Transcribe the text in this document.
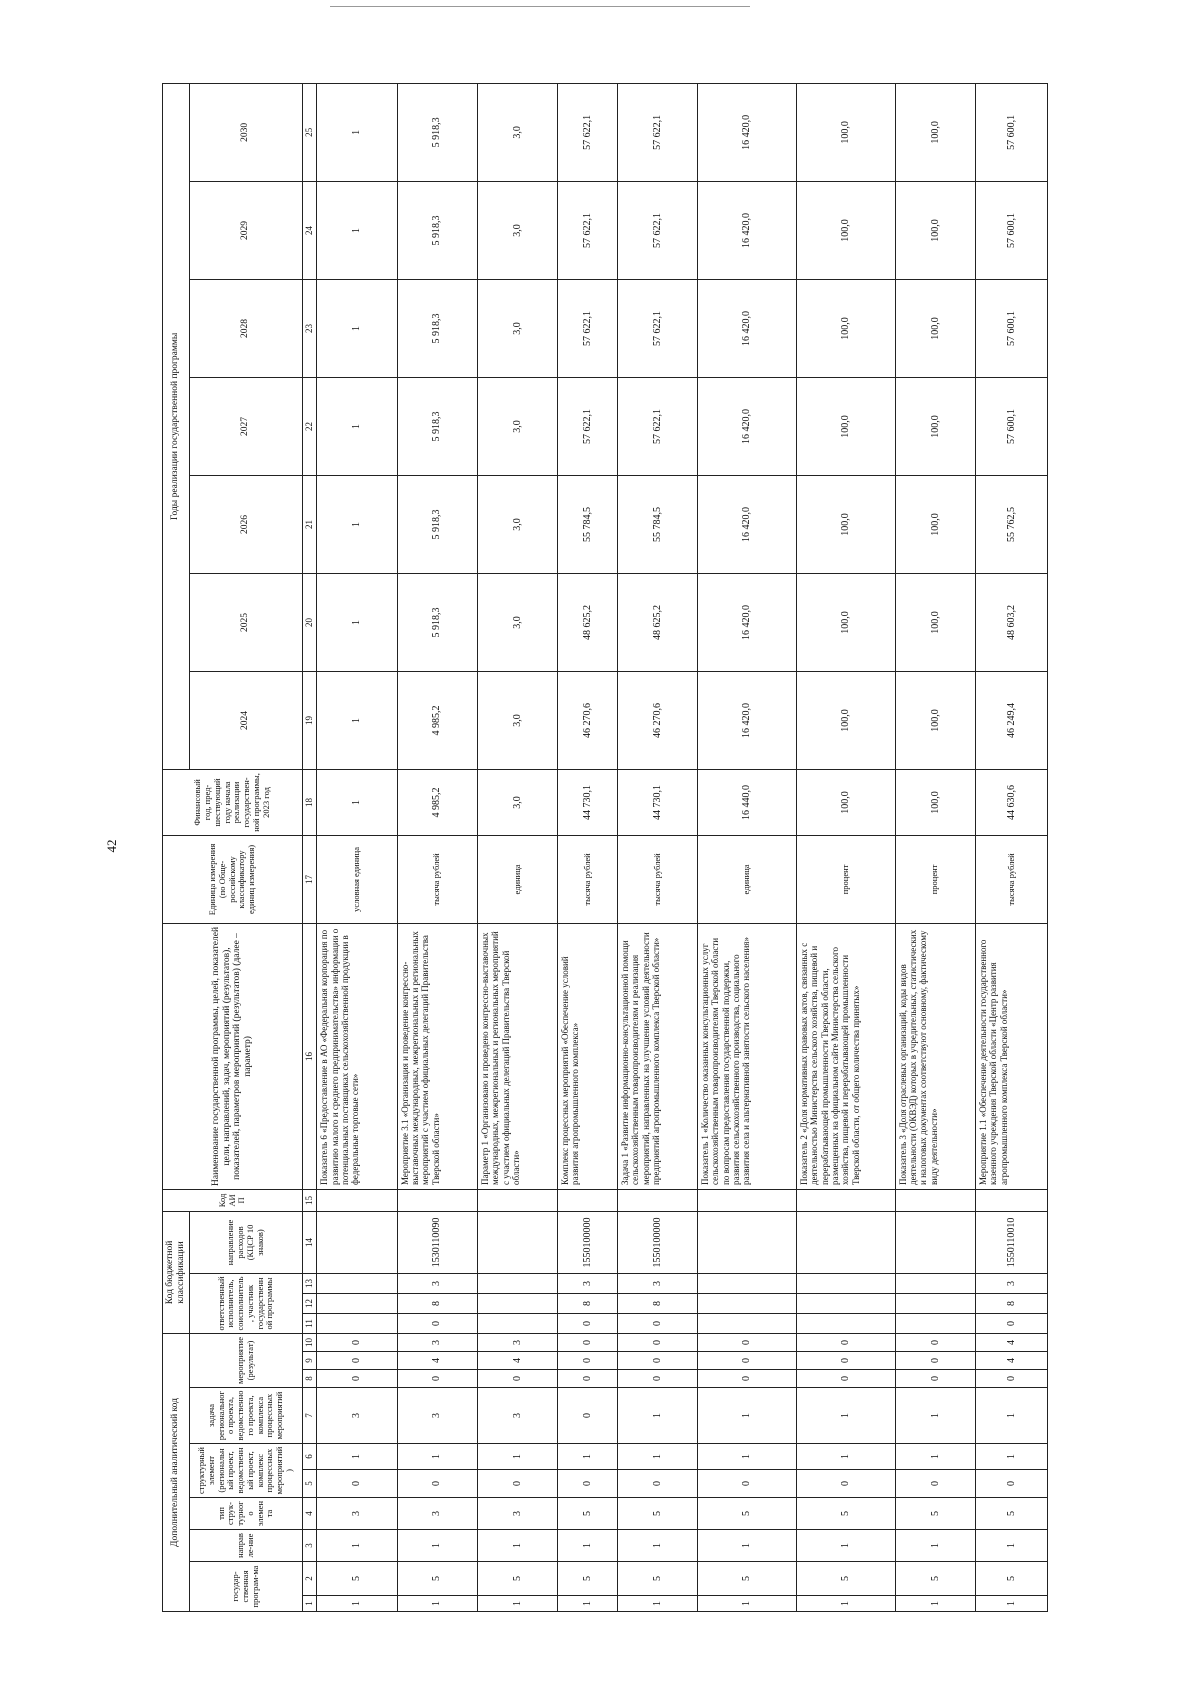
42
Дополнительный аналитический код										Код бюджетной классификации				Код АИП	Наименование государственной программы, целей, показателей цели, направлений, задач, мероприятий (результатов), показателей, параметров мероприятий (результатов) (далее – параметр)	Единица измерения (по Обще-российскому классификатору единиц измерения)	Финансовый год, пред-шествующий году начала реализации государствен-ной программы, 2023 год	Годы реализации государственной программы						
государ-ственная програм-ма		направле-ние	тип струк-турного элемента	структурный элемент (региональный проект, ведомственный проект, комплекс процессных мероприятий)		задача регионального проекта, ведомственного проекта, комплекса процессных мероприятий	мероприятие (результат)			ответственный исполнитель, соисполнитель, участник государственной программы			направление расходов (КЦСР 10 знаков)					2024	2025	2026	2027	2028	2029	2030
1	2	3	4	5	6	7	8	9	10	11	12	13	14	15	16	17	18	19	20	21	22	23	24	25
1	5	1	3	0	1	3	0	0	0						Показатель 6 «Предоставление в АО «Федеральная корпорация по развитию малого и среднего предпринимательства» информации о потенциальных поставщиках сельскохозяйственной продукции в федеральные торговые сети»	условная единица	1	1	1	1	1	1	1	1
1	5	1	3	0	1	3	0	4	3	0	8	3	1530110090		Мероприятие 3.1 «Организация и проведение конгрессно-выставочных международных, межрегиональных и региональных мероприятий с участием официальных делегаций Правительства Тверской области»	тысяча рублей	4 985,2	4 985,2	5 918,3	5 918,3	5 918,3	5 918,3	5 918,3	5 918,3
1	5	1	3	0	1	3	0	4	3						Параметр 1 «Организовано и проведено конгрессно-выставочных международных, межрегиональных и региональных мероприятий с участием официальных делегаций Правительства Тверской области»	единица	3,0	3,0	3,0	3,0	3,0	3,0	3,0	3,0
1	5	1	5	0	1	0	0	0	0	0	8	3	1550100000		Комплекс процессных мероприятий «Обеспечение условий развития агропромышленного комплекса»	тысяча рублей	44 730,1	46 270,6	48 625,2	55 784,5	57 622,1	57 622,1	57 622,1	57 622,1
1	5	1	5	0	1	1	0	0	0	0	8	3	1550100000		Задача 1 «Развитие информационно-консультационной помощи сельскохозяйственным товаропроизводителям и реализация мероприятий, направленных на улучшение условий деятельности предприятий агропромышленного комплекса Тверской области»	тысяча рублей	44 730,1	46 270,6	48 625,2	55 784,5	57 622,1	57 622,1	57 622,1	57 622,1
1	5	1	5	0	1	1	0	0	0						Показатель 1 «Количество оказанных консультационных услуг сельскохозяйственным товаропроизводителям Тверской области по вопросам предоставления государственной поддержки, развития сельскохозяйственного производства, социального развития села и альтернативной занятости сельского населения»	единица	16 440,0	16 420,0	16 420,0	16 420,0	16 420,0	16 420,0	16 420,0	16 420,0
1	5	1	5	0	1	1	0	0	0						Показатель 2 «Доля нормативных правовых актов, связанных с деятельностью Министерства сельского хозяйства, пищевой и перерабатывающей промышленности Тверской области, размещенных на официальном сайте Министерства сельского хозяйства, пищевой и перерабатывающей промышленности Тверской области, от общего количества принятых»	процент	100,0	100,0	100,0	100,0	100,0	100,0	100,0	100,0
1	5	1	5	0	1	1	0	0	0						Показатель 3 «Доля отраслевых организаций, коды видов деятельности (ОКВЭД) которых в учредительных, статистических и налоговых документах соответствуют основному, фактическому виду деятельности»	процент	100,0	100,0	100,0	100,0	100,0	100,0	100,0	100,0
1	5	1	5	0	1	1	0	4	4	0	8	3	1550110010		Мероприятие 1.1 «Обеспечение деятельности государственного казенного учреждения Тверской области «Центр развития агропромышленного комплекса Тверской области»	тысяча рублей	44 630,6	46 249,4	48 603,2	55 762,5	57 600,1	57 600,1	57 600,1	57 600,1
